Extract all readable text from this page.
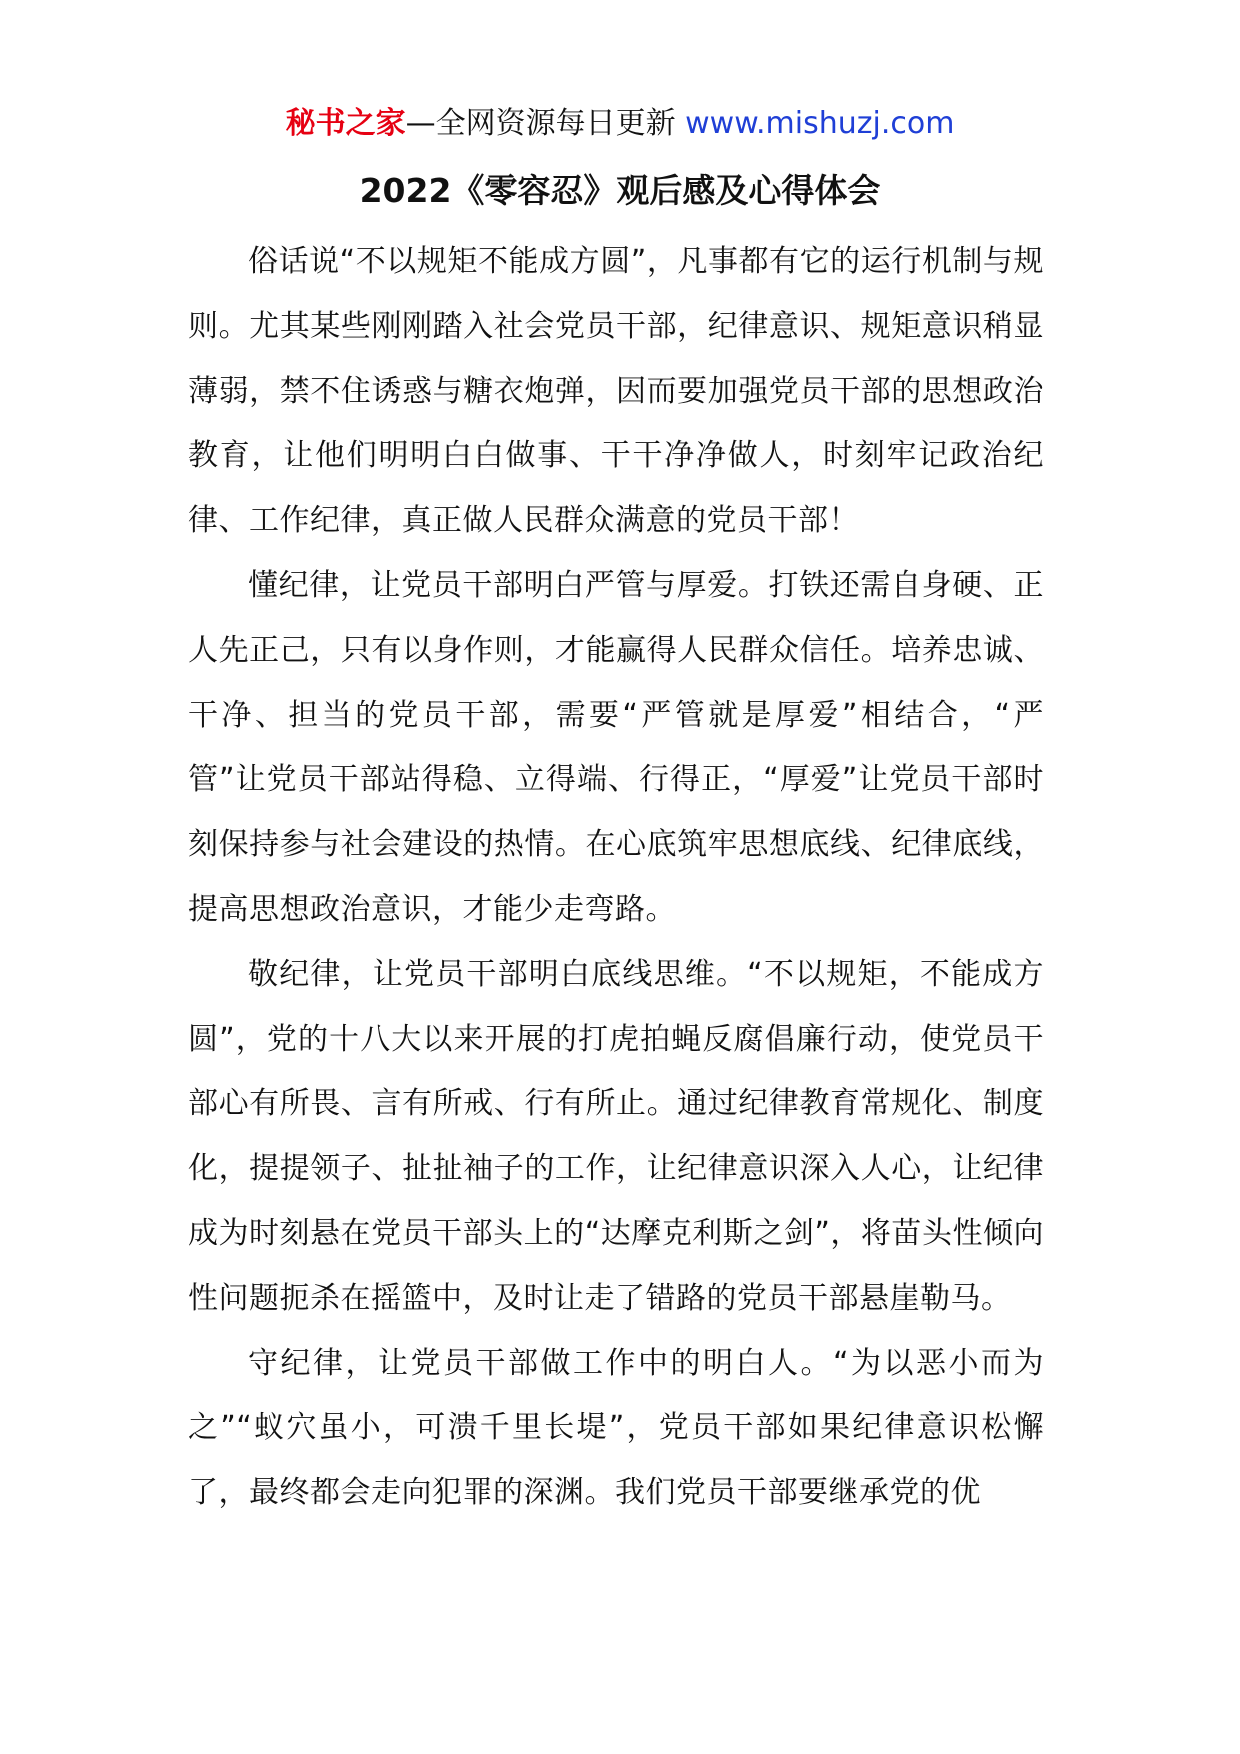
秘书之家—全网资源每日更新 www.mishuzj.com
2022《零容忍》观后感及心得体会

俗话说“不以规矩不能成方圆”，凡事都有它的运行机制与规则。尤其某些刚刚踏入社会党员干部，纪律意识、规矩意识稍显薄弱，禁不住诱惑与糖衣炮弹，因而要加强党员干部的思想政治教育，让他们明明白白做事、干干净净做人，时刻牢记政治纪律、工作纪律，真正做人民群众满意的党员干部！

懂纪律，让党员干部明白严管与厚爱。打铁还需自身硬、正人先正己，只有以身作则，才能赢得人民群众信任。培养忠诚、干净、担当的党员干部，需要“严管就是厚爱”相结合，“严管”让党员干部站得稳、立得端、行得正，“厚爱”让党员干部时刻保持参与社会建设的热情。在心底筑牢思想底线、纪律底线，提高思想政治意识，才能少走弯路。

敬纪律，让党员干部明白底线思维。“不以规矩，不能成方圆”，党的十八大以来开展的打虎拍蝇反腐倡廉行动，使党员干部心有所畏、言有所戒、行有所止。通过纪律教育常规化、制度化，提提领子、扯扯袖子的工作，让纪律意识深入人心，让纪律成为时刻悬在党员干部头上的“达摩克利斯之剑”，将苗头性倾向性问题扼杀在摇篮中，及时让走了错路的党员干部悬崖勒马。

守纪律，让党员干部做工作中的明白人。“为以恶小而为之”“蚁穴虽小，可溃千里长堤”，党员干部如果纪律意识松懈了，最终都会走向犯罪的深渊。我们党员干部要继承党的优
